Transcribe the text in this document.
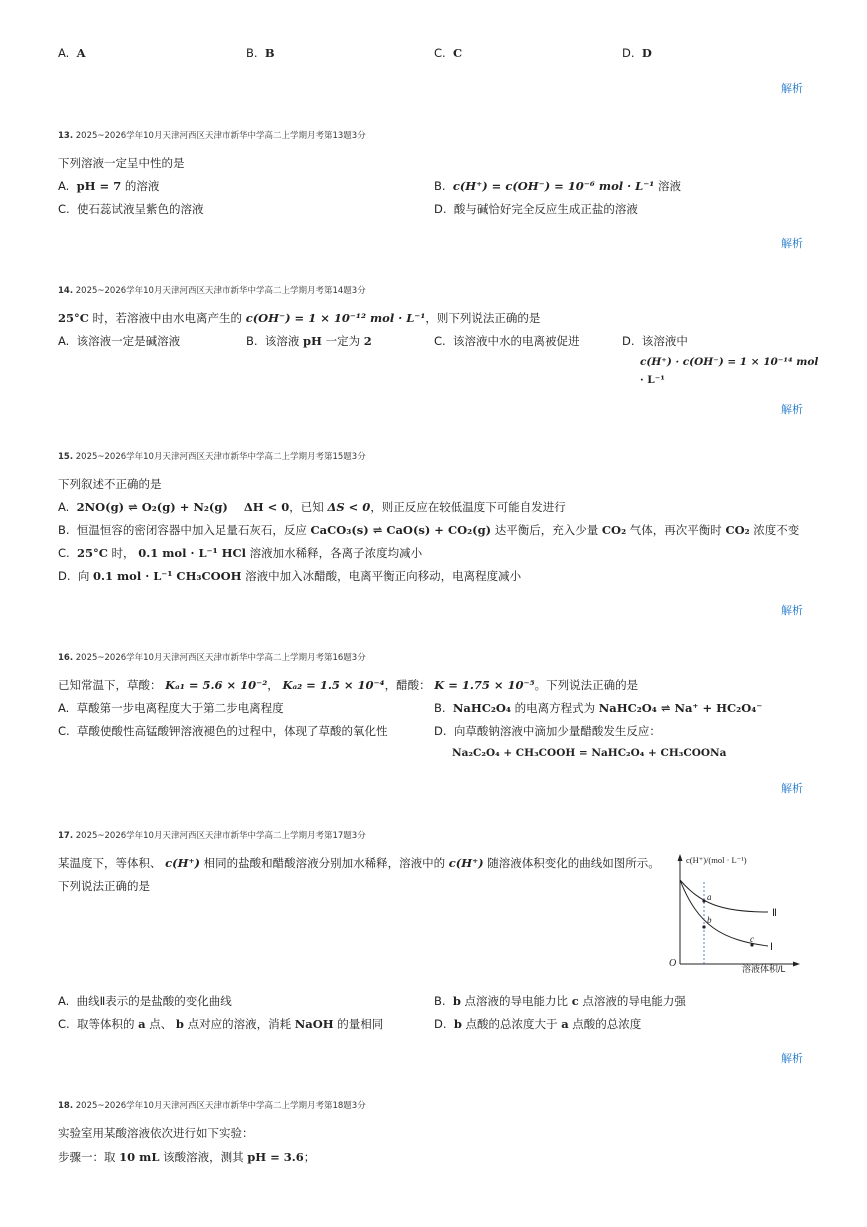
A. A	B. B	C. C	D. D
解析
13. 2025~2026学年10月天津河西区天津市新华中学高二上学期月考第13题3分
下列溶液一定呈中性的是
A. pH = 7 的溶液	B. c(H⁺) = c(OH⁻) = 10⁻⁶ mol · L⁻¹ 溶液
C. 使石蕊试液呈紫色的溶液	D. 酸与碱恰好完全反应生成正盐的溶液
解析
14. 2025~2026学年10月天津河西区天津市新华中学高二上学期月考第14题3分
25°C 时，若溶液中由水电离产生的 c(OH⁻) = 1 × 10⁻¹² mol · L⁻¹，则下列说法正确的是
A. 该溶液一定是碱溶液	B. 该溶液 pH 一定为 2	C. 该溶液中水的电离被促进	D. 该溶液中
c(H⁺) · c(OH⁻) = 1 × 10⁻¹⁴ mol
· L⁻¹
解析
15. 2025~2026学年10月天津河西区天津市新华中学高二上学期月考第15题3分
下列叙述不正确的是
A. 2NO(g) ⇌ O₂(g) + N₂(g)    ΔH < 0，已知 ΔS < 0，则正反应在较低温度下可能自发进行
B. 恒温恒容的密闭容器中加入足量石灰石，反应 CaCO₃(s) ⇌ CaO(s) + CO₂(g) 达平衡后，充入少量 CO₂ 气体，再次平衡时 CO₂ 浓度不变
C. 25°C 时， 0.1 mol · L⁻¹ HCl 溶液加水稀释，各离子浓度均减小
D. 向 0.1 mol · L⁻¹ CH₃COOH 溶液中加入冰醋酸，电离平衡正向移动，电离程度减小
解析
16. 2025~2026学年10月天津河西区天津市新华中学高二上学期月考第16题3分
已知常温下，草酸： Kₐ₁ = 5.6 × 10⁻²， Kₐ₂ = 1.5 × 10⁻⁴，醋酸： K = 1.75 × 10⁻⁵。下列说法正确的是
A. 草酸第一步电离程度大于第二步电离程度	B. NaHC₂O₄ 的电离方程式为 NaHC₂O₄ ⇌ Na⁺ + HC₂O₄⁻
C. 草酸使酸性高锰酸钾溶液褪色的过程中，体现了草酸的氧化性	D. 向草酸钠溶液中滴加少量醋酸发生反应：
Na₂C₂O₄ + CH₃COOH = NaHC₂O₄ + CH₃COONa
解析
17. 2025~2026学年10月天津河西区天津市新华中学高二上学期月考第17题3分
某温度下，等体积、 c(H⁺) 相同的盐酸和醋酸溶液分别加水稀释，溶液中的 c(H⁺) 随溶液体积变化的曲线如图所示。
下列说法正确的是
c(H⁺)/(mol · L⁻¹)
溶液体积/L
O
Ⅱ
Ⅰ
a
b
c
A. 曲线Ⅱ表示的是盐酸的变化曲线	B. b 点溶液的导电能力比 c 点溶液的导电能力强
C. 取等体积的 a 点、 b 点对应的溶液，消耗 NaOH 的量相同	D. b 点酸的总浓度大于 a 点酸的总浓度
解析
18. 2025~2026学年10月天津河西区天津市新华中学高二上学期月考第18题3分
实验室用某酸溶液依次进行如下实验：
步骤一：取 10 mL 该酸溶液，测其 pH = 3.6；
